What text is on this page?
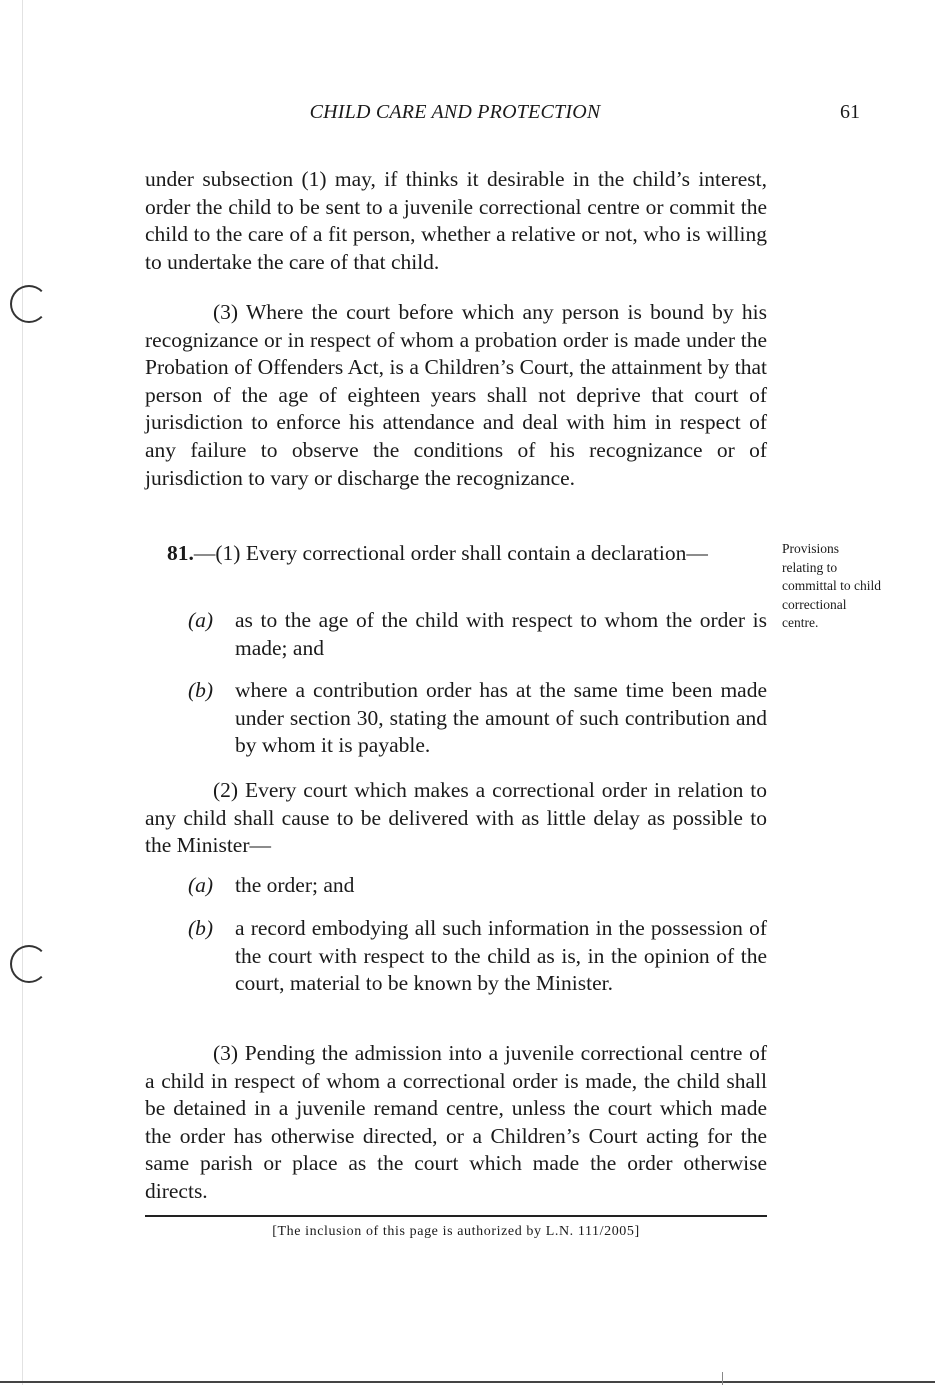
CHILD CARE AND PROTECTION	61

under subsection (1) may, if thinks it desirable in the child’s interest, order the child to be sent to a juvenile correctional centre or commit the child to the care of a fit person, whether a relative or not, who is willing to undertake the care of that child.

(3) Where the court before which any person is bound by his recognizance or in respect of whom a probation order is made under the Probation of Offenders Act, is a Children’s Court, the attainment by that person of the age of eighteen years shall not deprive that court of jurisdiction to enforce his attendance and deal with him in respect of any failure to observe the conditions of his recognizance or of jurisdiction to vary or discharge the recognizance.

81.—(1) Every correctional order shall contain a declaration—

(a) as to the age of the child with respect to whom the order is made; and

(b) where a contribution order has at the same time been made under section 30, stating the amount of such contribution and by whom it is payable.

(2) Every court which makes a correctional order in relation to any child shall cause to be delivered with as little delay as possible to the Minister—

(a) the order; and

(b) a record embodying all such information in the possession of the court with respect to the child as is, in the opinion of the court, material to be known by the Minister.

(3) Pending the admission into a juvenile correctional centre of a child in respect of whom a correctional order is made, the child shall be detained in a juvenile remand centre, unless the court which made the order has otherwise directed, or a Children’s Court acting for the same parish or place as the court which made the order otherwise directs.

Provisions relating to committal to child correctional centre.

[The inclusion of this page is authorized by L.N. 111/2005]
